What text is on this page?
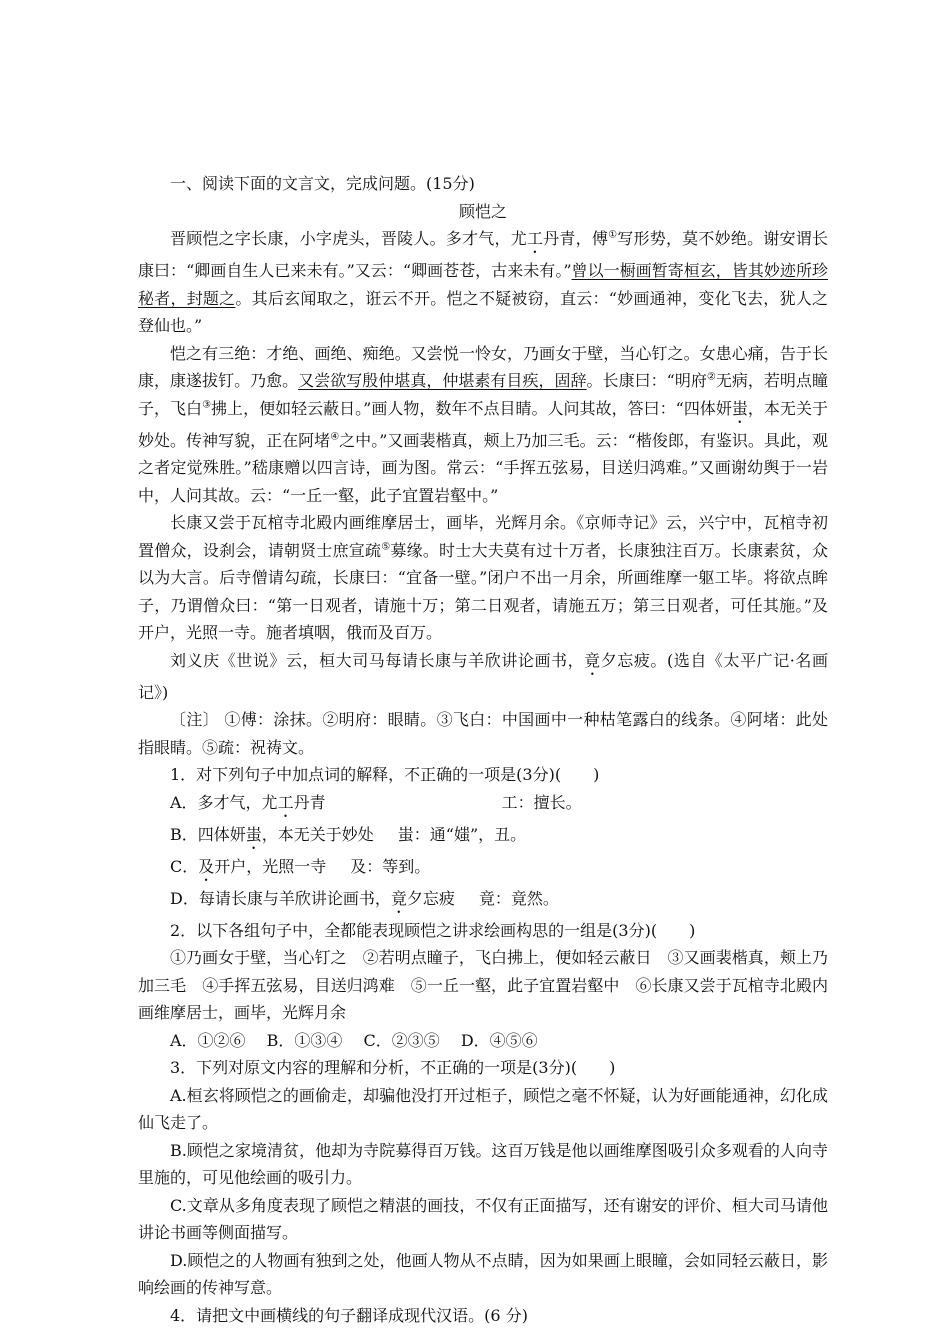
一、阅读下面的文言文，完成问题。(15分)

顾恺之

晋顾恺之字长康，小字虎头，晋陵人。多才气，尤工丹青，傅①写形势，莫不妙绝。谢安谓长康曰：“卿画自生人已来未有。”又云：“卿画苍苍，古来未有。”曾以一橱画暂寄桓玄，皆其妙迹所珍秘者，封题之。其后玄闻取之，诳云不开。恺之不疑被窃，直云：“妙画通神，变化飞去，犹人之登仙也。”

恺之有三绝：才绝、画绝、痴绝。又尝悦一怜女，乃画女于壁，当心钉之。女患心痛，告于长康，康遂拔钉。乃愈。又尝欲写殷仲堪真，仲堪素有目疾，固辞。长康曰：“明府②无病，若明点瞳子，飞白③拂上，便如轻云蔽日。”画人物，数年不点目睛。人问其故，答曰：“四体妍蚩，本无关于妙处。传神写貌，正在阿堵④之中。”又画裴楷真，颊上乃加三毛。云：“楷俊郎，有鉴识。具此，观之者定觉殊胜。”嵇康赠以四言诗，画为图。常云：“手挥五弦易，目送归鸿难。”又画谢幼舆于一岩中，人问其故。云：“一丘一壑，此子宜置岩壑中。”

长康又尝于瓦棺寺北殿内画维摩居士，画毕，光辉月余。《京师寺记》云，兴宁中，瓦棺寺初置僧众，设刹会，请朝贤士庶宣疏⑤募缘。时士大夫莫有过十万者，长康独注百万。长康素贫，众以为大言。后寺僧请勾疏，长康曰：“宜备一壁。”闭户不出一月余，所画维摩一躯工毕。将欲点眸子，乃谓僧众曰：“第一日观者，请施十万；第二日观者，请施五万；第三日观者，可任其施。”及开户，光照一寺。施者填咽，俄而及百万。

刘义庆《世说》云，桓大司马每请长康与羊欣讲论画书，竟夕忘疲。(选自《太平广记·名画记》)

〔注〕 ①傅：涂抹。②明府：眼睛。③飞白：中国画中一种枯笔露白的线条。④阿堵：此处指眼睛。⑤疏：祝祷文。

1．对下列句子中加点词的解释，不正确的一项是(3分)(　　)

A．多才气，尤工丹青	工：擅长。

B．四体妍蚩，本无关于妙处 蚩：通“媸”，丑。

C．及开户，光照一寺 及：等到。

D．每请长康与羊欣讲论画书，竟夕忘疲 竟：竟然。

2．以下各组句子中，全都能表现顾恺之讲求绘画构思的一组是(3分)(　　)

①乃画女于壁，当心钉之　②若明点瞳子，飞白拂上，便如轻云蔽日　③又画裴楷真，颊上乃加三毛　④手挥五弦易，目送归鸿难　⑤一丘一壑，此子宜置岩壑中　⑥长康又尝于瓦棺寺北殿内画维摩居士，画毕，光辉月余

A．①②⑥　 B．①③④　 C．②③⑤　 D．④⑤⑥

3．下列对原文内容的理解和分析，不正确的一项是(3分)(　　)

A.桓玄将顾恺之的画偷走，却骗他没打开过柜子，顾恺之毫不怀疑，认为好画能通神，幻化成仙飞走了。

B.顾恺之家境清贫，他却为寺院募得百万钱。这百万钱是他以画维摩图吸引众多观看的人向寺里施的，可见他绘画的吸引力。

C.文章从多角度表现了顾恺之精湛的画技，不仅有正面描写，还有谢安的评价、桓大司马请他讲论书画等侧面描写。

D.顾恺之的人物画有独到之处，他画人物从不点睛，因为如果画上眼瞳，会如同轻云蔽日，影响绘画的传神写意。

4．请把文中画横线的句子翻译成现代汉语。(6 分)
